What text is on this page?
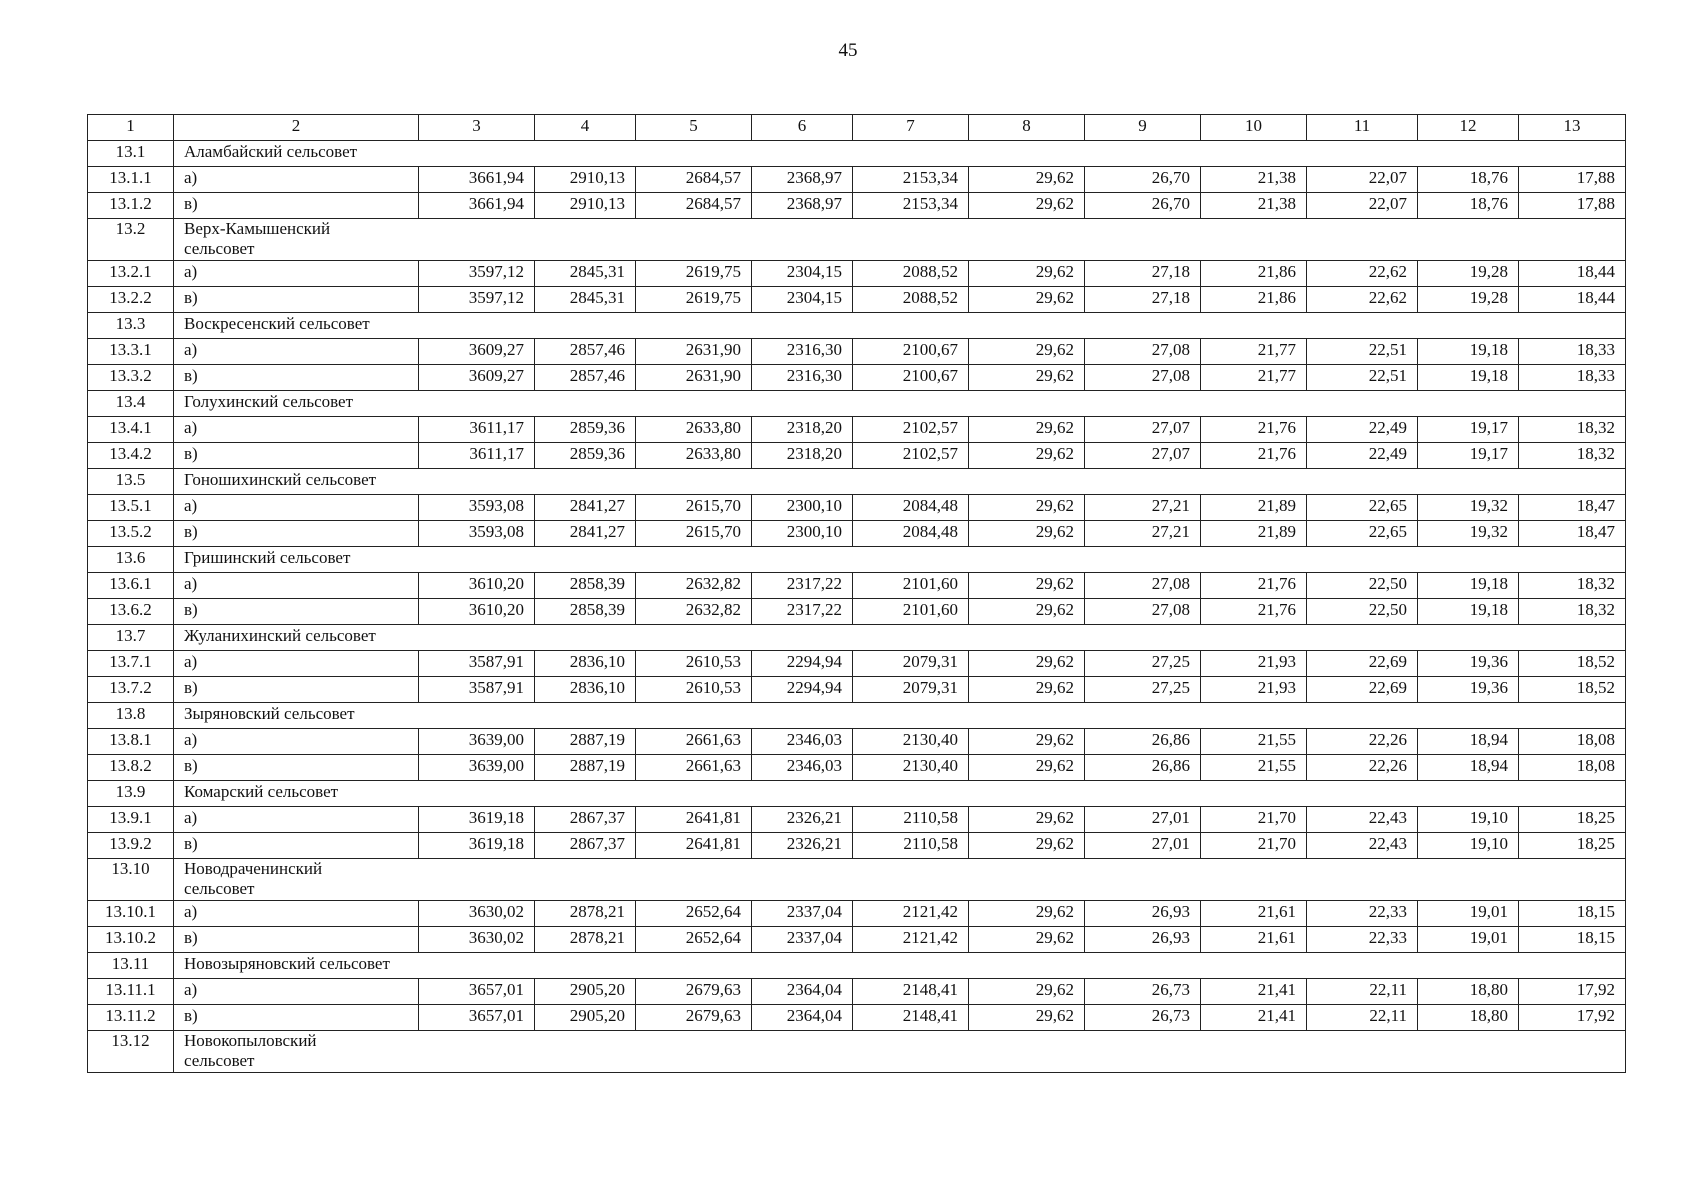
45
1	2	3	4	5	6	7	8	9	10	11	12	13
13.1	Аламбайский сельсовет											

13.1.1	а)	3661,94	2910,13	2684,57	2368,97	2153,34	29,62	26,70	21,38	22,07	18,76	17,88
13.1.2	в)	3661,94	2910,13	2684,57	2368,97	2153,34	29,62	26,70	21,38	22,07	18,76	17,88
13.2	Верх-Камышенский сельсовет											

13.2.1	а)	3597,12	2845,31	2619,75	2304,15	2088,52	29,62	27,18	21,86	22,62	19,28	18,44
13.2.2	в)	3597,12	2845,31	2619,75	2304,15	2088,52	29,62	27,18	21,86	22,62	19,28	18,44
13.3	Воскресенский сельсовет											

13.3.1	а)	3609,27	2857,46	2631,90	2316,30	2100,67	29,62	27,08	21,77	22,51	19,18	18,33
13.3.2	в)	3609,27	2857,46	2631,90	2316,30	2100,67	29,62	27,08	21,77	22,51	19,18	18,33
13.4	Голухинский сельсовет											

13.4.1	а)	3611,17	2859,36	2633,80	2318,20	2102,57	29,62	27,07	21,76	22,49	19,17	18,32
13.4.2	в)	3611,17	2859,36	2633,80	2318,20	2102,57	29,62	27,07	21,76	22,49	19,17	18,32
13.5	Гоношихинский сельсовет											

13.5.1	а)	3593,08	2841,27	2615,70	2300,10	2084,48	29,62	27,21	21,89	22,65	19,32	18,47
13.5.2	в)	3593,08	2841,27	2615,70	2300,10	2084,48	29,62	27,21	21,89	22,65	19,32	18,47
13.6	Гришинский сельсовет											

13.6.1	а)	3610,20	2858,39	2632,82	2317,22	2101,60	29,62	27,08	21,76	22,50	19,18	18,32
13.6.2	в)	3610,20	2858,39	2632,82	2317,22	2101,60	29,62	27,08	21,76	22,50	19,18	18,32
13.7	Жуланихинский сельсовет											

13.7.1	а)	3587,91	2836,10	2610,53	2294,94	2079,31	29,62	27,25	21,93	22,69	19,36	18,52
13.7.2	в)	3587,91	2836,10	2610,53	2294,94	2079,31	29,62	27,25	21,93	22,69	19,36	18,52
13.8	Зыряновский сельсовет											

13.8.1	а)	3639,00	2887,19	2661,63	2346,03	2130,40	29,62	26,86	21,55	22,26	18,94	18,08
13.8.2	в)	3639,00	2887,19	2661,63	2346,03	2130,40	29,62	26,86	21,55	22,26	18,94	18,08
13.9	Комарский сельсовет											

13.9.1	а)	3619,18	2867,37	2641,81	2326,21	2110,58	29,62	27,01	21,70	22,43	19,10	18,25
13.9.2	в)	3619,18	2867,37	2641,81	2326,21	2110,58	29,62	27,01	21,70	22,43	19,10	18,25
13.10	Новодраченинский сельсовет											

13.10.1	а)	3630,02	2878,21	2652,64	2337,04	2121,42	29,62	26,93	21,61	22,33	19,01	18,15
13.10.2	в)	3630,02	2878,21	2652,64	2337,04	2121,42	29,62	26,93	21,61	22,33	19,01	18,15
13.11	Новозыряновский сельсовет											

13.11.1	а)	3657,01	2905,20	2679,63	2364,04	2148,41	29,62	26,73	21,41	22,11	18,80	17,92
13.11.2	в)	3657,01	2905,20	2679,63	2364,04	2148,41	29,62	26,73	21,41	22,11	18,80	17,92
13.12	Новокопыловский сельсовет											
